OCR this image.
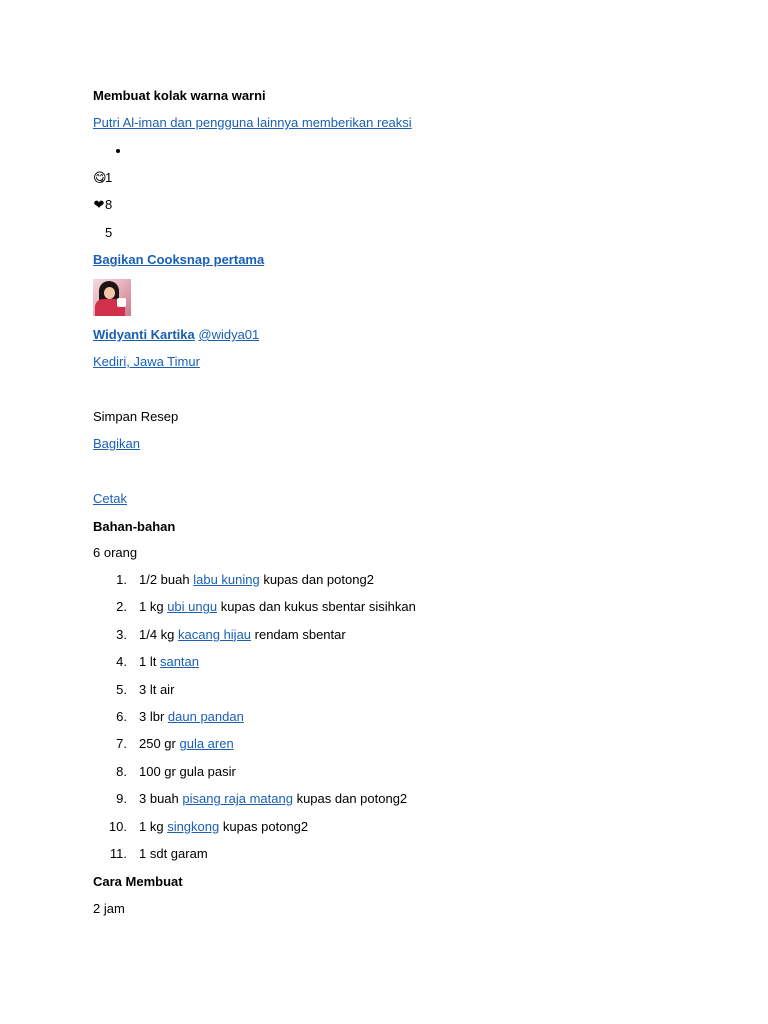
Membuat kolak warna warni
Putri Al-iman dan pengguna lainnya memberikan reaksi
😋1
❤8
5
Bagikan Cooksnap pertama
Widyanti Kartika @widya01
Kediri, Jawa Timur
Simpan Resep
Bagikan
Cetak
Bahan-bahan
6 orang
1. 1/2 buah labu kuning kupas dan potong2
2. 1 kg ubi ungu kupas dan kukus sbentar sisihkan
3. 1/4 kg kacang hijau rendam sbentar
4. 1 lt santan
5. 3 lt air
6. 3 lbr daun pandan
7. 250 gr gula aren
8. 100 gr gula pasir
9. 3 buah pisang raja matang kupas dan potong2
10. 1 kg singkong kupas potong2
11. 1 sdt garam
Cara Membuat
2 jam
